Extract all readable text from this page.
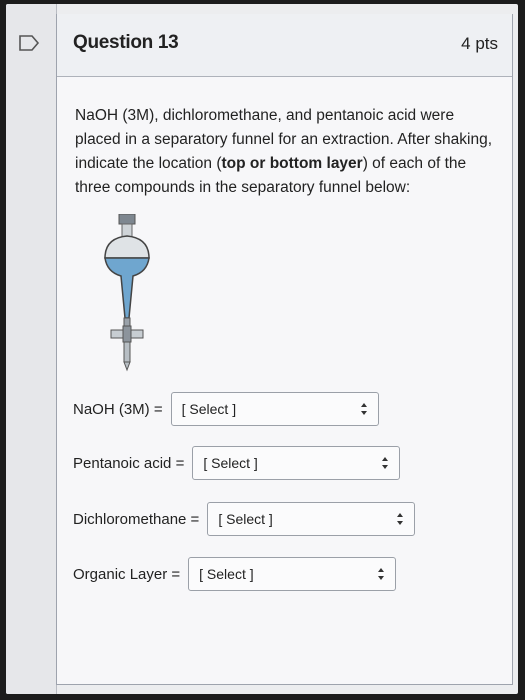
Question 13	4 pts
NaOH (3M), dichloromethane, and pentanoic acid were placed in a separatory funnel for an extraction. After shaking, indicate the location (top or bottom layer) of each of the three compounds in the separatory funnel below:
NaOH (3M) = [ Select ]
Pentanoic acid = [ Select ]
Dichloromethane = [ Select ]
Organic Layer = [ Select ]
